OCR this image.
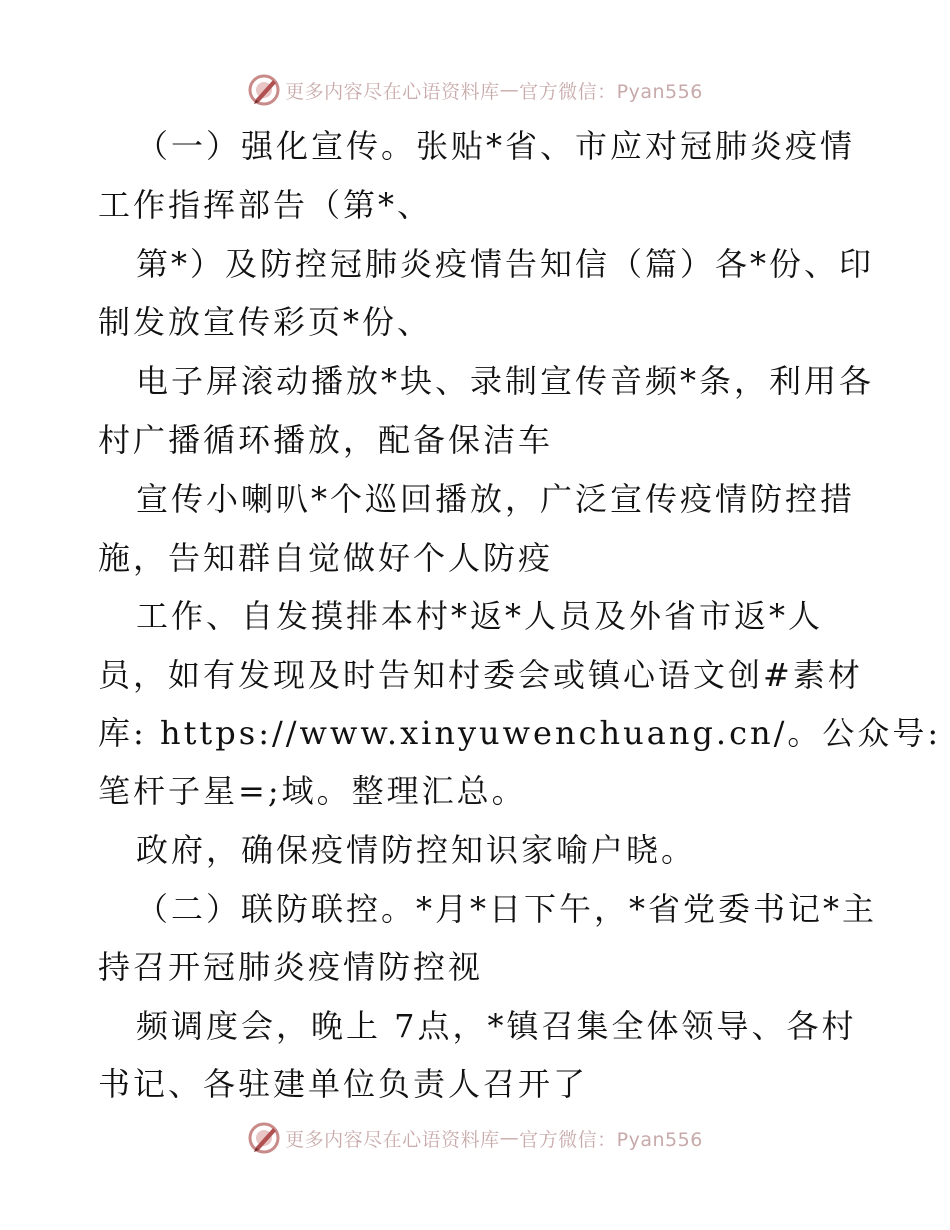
更多内容尽在心语资料库 — 官方微信：Pyan556
（一）强化宣传。张贴*省、市应对冠肺炎疫情
工作指挥部告（第*、
第*）及防控冠肺炎疫情告知信（篇）各*份、印
制发放宣传彩页*份、
电子屏滚动播放*块、录制宣传音频*条，利用各
村广播循环播放，配备保洁车
宣传小喇叭*个巡回播放，广泛宣传疫情防控措
施，告知群自觉做好个人防疫
工作、自发摸排本村*返*人员及外省市返*人
员，如有发现及时告知村委会或镇心语文创#素材
库: https://www.xinyuwenchuang.cn/。公众号:
笔杆子星=;域。整理汇总。
政府，确保疫情防控知识家喻户晓。
（二）联防联控。*月*日下午，*省党委书记*主
持召开冠肺炎疫情防控视
频调度会，晚上 7点，*镇召集全体领导、各村
书记、各驻建单位负责人召开了
更多内容尽在心语资料库 — 官方微信：Pyan556
